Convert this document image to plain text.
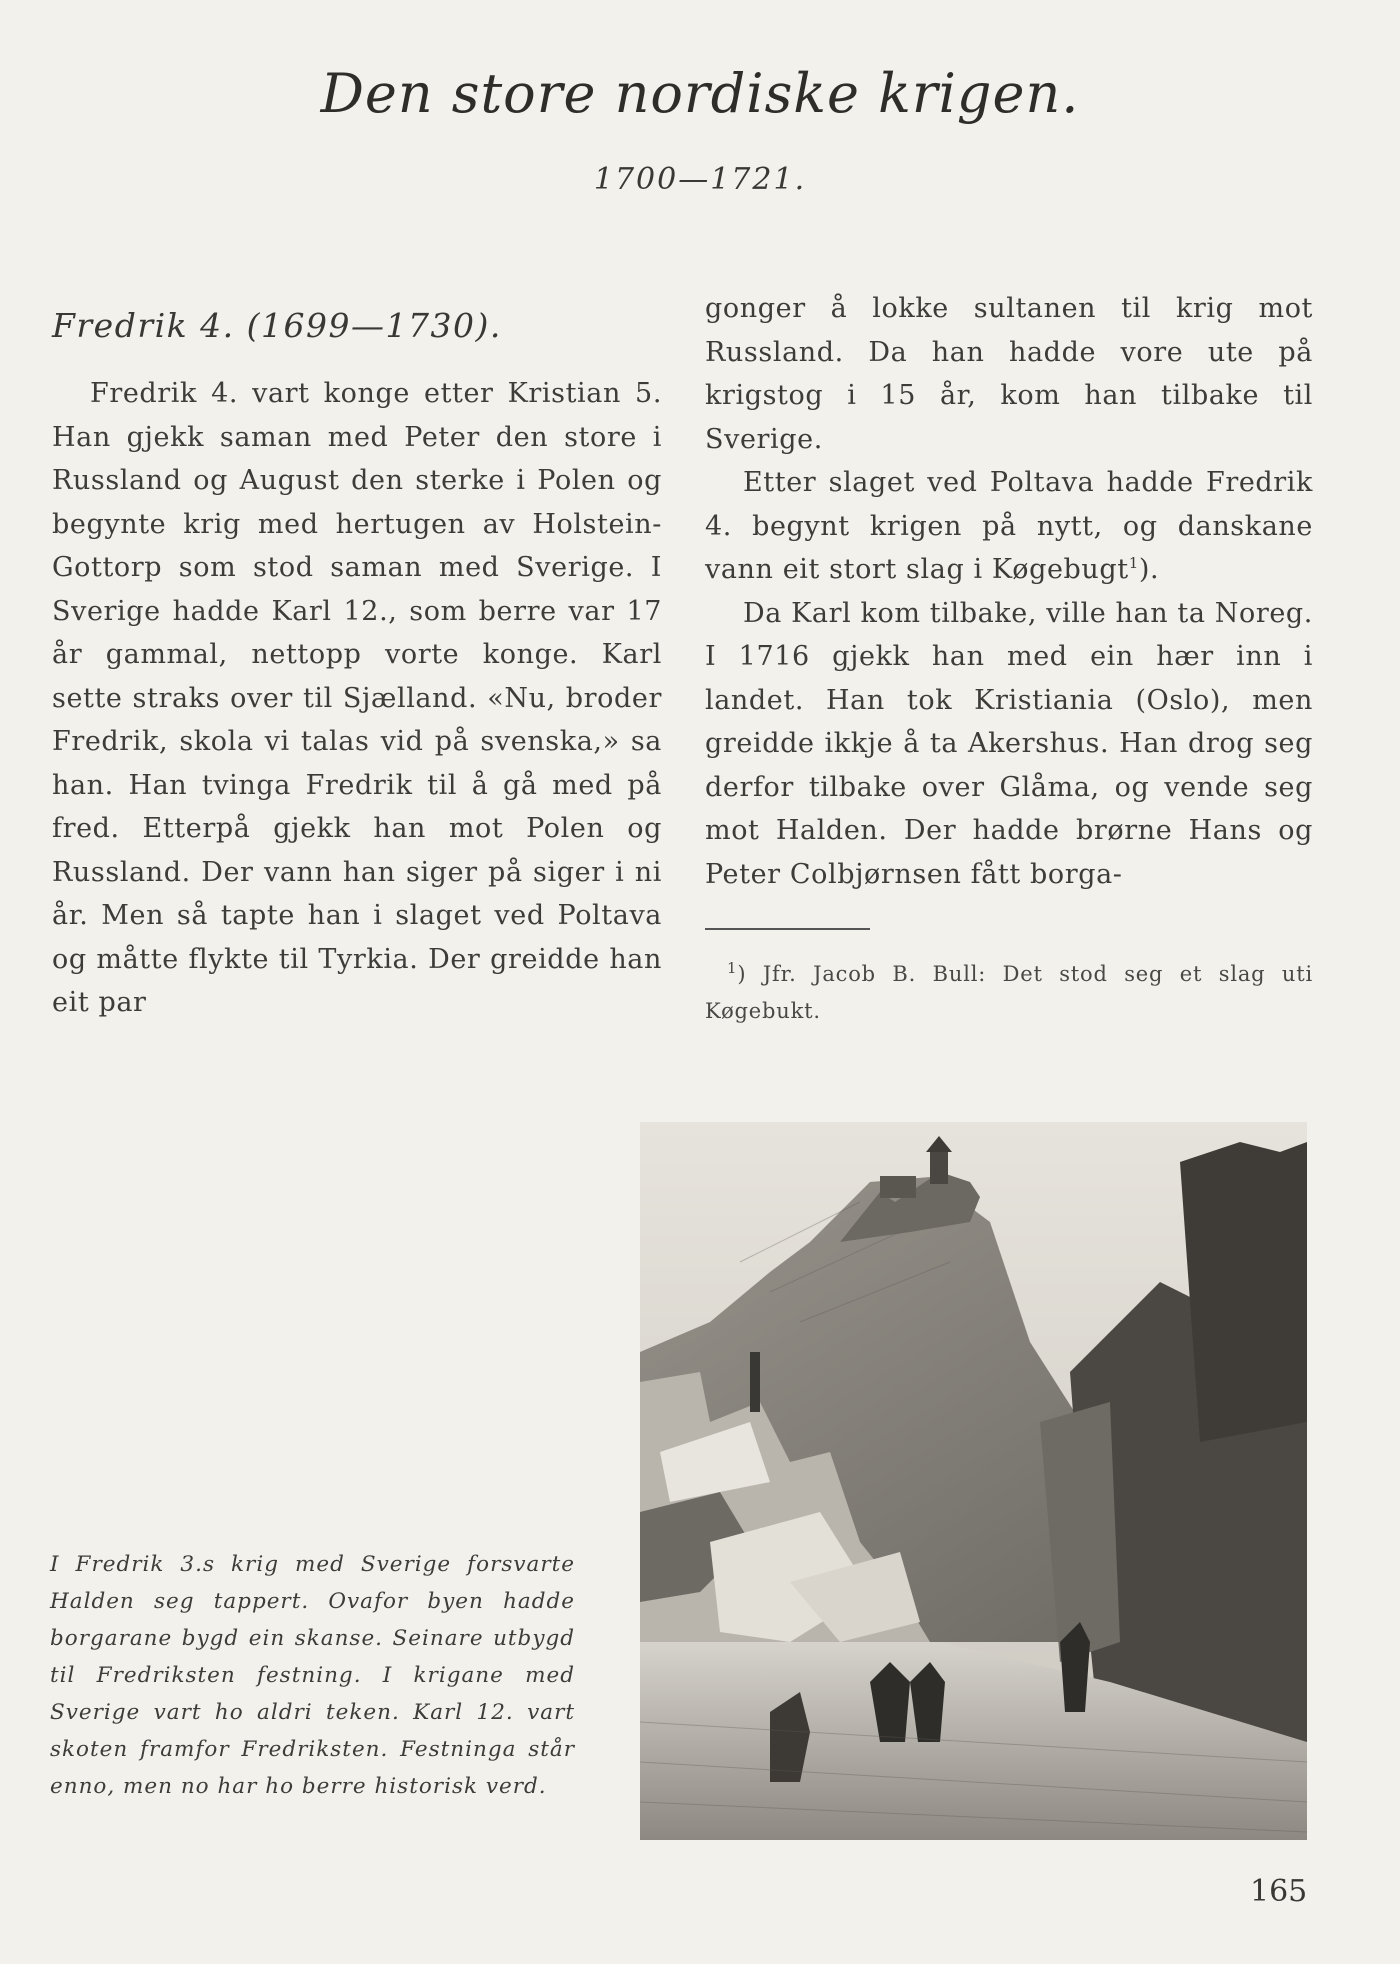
Den store nordiske krigen.
1700—1721.
Fredrik 4. (1699—1730).

Fredrik 4. vart konge etter Kristian 5. Han gjekk saman med Peter den store i Russland og August den sterke i Polen og begynte krig med hertugen av Holstein-Gottorp som stod saman med Sverige. I Sverige hadde Karl 12., som berre var 17 år gammal, nettopp vorte konge. Karl sette straks over til Sjælland. «Nu, broder Fredrik, skola vi talas vid på svenska,» sa han. Han tvinga Fredrik til å gå med på fred. Etterpå gjekk han mot Polen og Russland. Der vann han siger på siger i ni år. Men så tapte han i slaget ved Poltava og måtte flykte til Tyrkia. Der greidde han eit par

gonger å lokke sultanen til krig mot Russland. Da han hadde vore ute på krigstog i 15 år, kom han tilbake til Sverige.

Etter slaget ved Poltava hadde Fredrik 4. begynt krigen på nytt, og danskane vann eit stort slag i Køgebugt$^1$).

Da Karl kom tilbake, ville han ta Noreg. I 1716 gjekk han med ein hær inn i landet. Han tok Kristiania (Oslo), men greidde ikkje å ta Akershus. Han drog seg derfor tilbake over Glåma, og vende seg mot Halden. Der hadde brørne Hans og Peter Colbjørnsen fått borga-

$^1$) Jfr. Jacob B. Bull: Det stod seg et slag uti Køgebukt.
I Fredrik 3.s krig med Sverige forsvarte Halden seg tappert. Ovafor byen hadde borgarane bygd ein skanse. Seinare utbygd til Fredriksten festning. I krigane med Sverige vart ho aldri teken. Karl 12. vart skoten framfor Fredriksten. Festninga står enno, men no har ho berre historisk verd.
165
